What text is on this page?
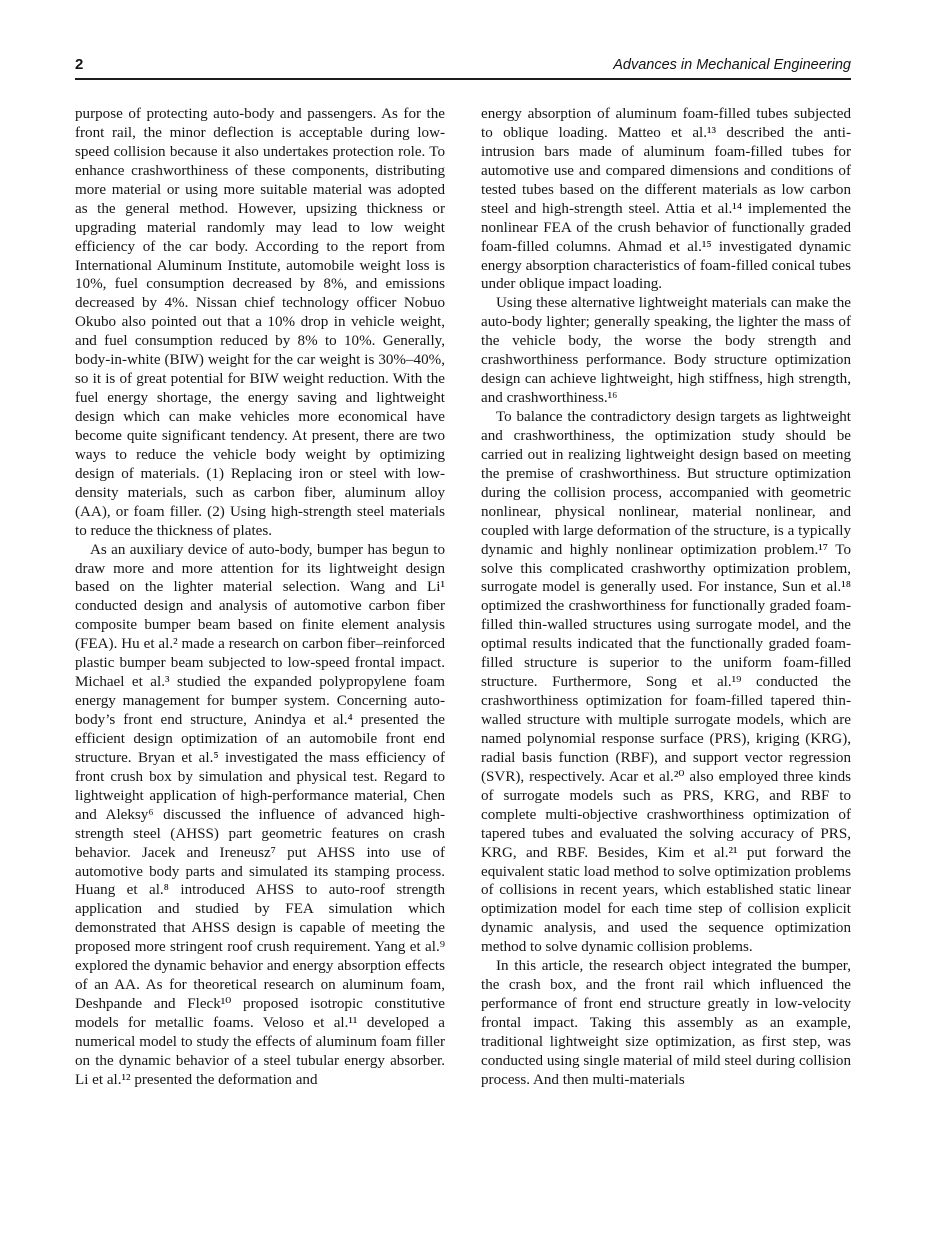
2	Advances in Mechanical Engineering

purpose of protecting auto-body and passengers. As for the front rail, the minor deflection is acceptable during low-speed collision because it also undertakes protection role. To enhance crashworthiness of these components, distributing more material or using more suitable material was adopted as the general method. However, upsizing thickness or upgrading material randomly may lead to low weight efficiency of the car body. According to the report from International Aluminum Institute, automobile weight loss is 10%, fuel consumption decreased by 8%, and emissions decreased by 4%. Nissan chief technology officer Nobuo Okubo also pointed out that a 10% drop in vehicle weight, and fuel consumption reduced by 8% to 10%. Generally, body-in-white (BIW) weight for the car weight is 30%–40%, so it is of great potential for BIW weight reduction. With the fuel energy shortage, the energy saving and lightweight design which can make vehicles more economical have become quite significant tendency. At present, there are two ways to reduce the vehicle body weight by optimizing design of materials. (1) Replacing iron or steel with low-density materials, such as carbon fiber, aluminum alloy (AA), or foam filler. (2) Using high-strength steel materials to reduce the thickness of plates.

As an auxiliary device of auto-body, bumper has begun to draw more and more attention for its lightweight design based on the lighter material selection. Wang and Li¹ conducted design and analysis of automotive carbon fiber composite bumper beam based on finite element analysis (FEA). Hu et al.² made a research on carbon fiber–reinforced plastic bumper beam subjected to low-speed frontal impact. Michael et al.³ studied the expanded polypropylene foam energy management for bumper system. Concerning auto-body’s front end structure, Anindya et al.⁴ presented the efficient design optimization of an automobile front end structure. Bryan et al.⁵ investigated the mass efficiency of front crush box by simulation and physical test. Regard to lightweight application of high-performance material, Chen and Aleksy⁶ discussed the influence of advanced high-strength steel (AHSS) part geometric features on crash behavior. Jacek and Ireneusz⁷ put AHSS into use of automotive body parts and simulated its stamping process. Huang et al.⁸ introduced AHSS to auto-roof strength application and studied by FEA simulation which demonstrated that AHSS design is capable of meeting the proposed more stringent roof crush requirement. Yang et al.⁹ explored the dynamic behavior and energy absorption effects of an AA. As for theoretical research on aluminum foam, Deshpande and Fleck¹⁰ proposed isotropic constitutive models for metallic foams. Veloso et al.¹¹ developed a numerical model to study the effects of aluminum foam filler on the dynamic behavior of a steel tubular energy absorber. Li et al.¹² presented the deformation and

energy absorption of aluminum foam-filled tubes subjected to oblique loading. Matteo et al.¹³ described the anti-intrusion bars made of aluminum foam-filled tubes for automotive use and compared dimensions and conditions of tested tubes based on the different materials as low carbon steel and high-strength steel. Attia et al.¹⁴ implemented the nonlinear FEA of the crush behavior of functionally graded foam-filled columns. Ahmad et al.¹⁵ investigated dynamic energy absorption characteristics of foam-filled conical tubes under oblique impact loading.

Using these alternative lightweight materials can make the auto-body lighter; generally speaking, the lighter the mass of the vehicle body, the worse the body strength and crashworthiness performance. Body structure optimization design can achieve lightweight, high stiffness, high strength, and crashworthiness.¹⁶

To balance the contradictory design targets as lightweight and crashworthiness, the optimization study should be carried out in realizing lightweight design based on meeting the premise of crashworthiness. But structure optimization during the collision process, accompanied with geometric nonlinear, physical nonlinear, material nonlinear, and coupled with large deformation of the structure, is a typically dynamic and highly nonlinear optimization problem.¹⁷ To solve this complicated crashworthy optimization problem, surrogate model is generally used. For instance, Sun et al.¹⁸ optimized the crashworthiness for functionally graded foam-filled thin-walled structures using surrogate model, and the optimal results indicated that the functionally graded foam-filled structure is superior to the uniform foam-filled structure. Furthermore, Song et al.¹⁹ conducted the crashworthiness optimization for foam-filled tapered thin-walled structure with multiple surrogate models, which are named polynomial response surface (PRS), kriging (KRG), radial basis function (RBF), and support vector regression (SVR), respectively. Acar et al.²⁰ also employed three kinds of surrogate models such as PRS, KRG, and RBF to complete multi-objective crashworthiness optimization of tapered tubes and evaluated the solving accuracy of PRS, KRG, and RBF. Besides, Kim et al.²¹ put forward the equivalent static load method to solve optimization problems of collisions in recent years, which established static linear optimization model for each time step of collision explicit dynamic analysis, and used the sequence optimization method to solve dynamic collision problems.

In this article, the research object integrated the bumper, the crash box, and the front rail which influenced the performance of front end structure greatly in low-velocity frontal impact. Taking this assembly as an example, traditional lightweight size optimization, as first step, was conducted using single material of mild steel during collision process. And then multi-materials
